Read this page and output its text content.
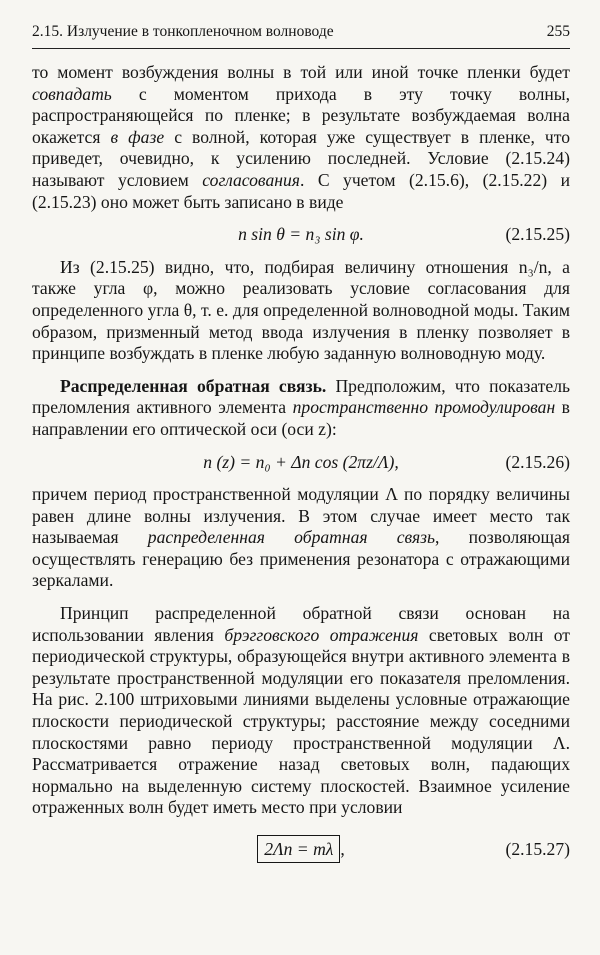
2.15. Излучение в тонкопленочном волноводе	255

то момент возбуждения волны в той или иной точке пленки будет совпадать с моментом прихода в эту точку волны, распространяющейся по пленке; в результате возбуждаемая волна окажется в фазе с волной, которая уже существует в пленке, что приведет, очевидно, к усилению последней. Условие (2.15.24) называют условием согласования. С учетом (2.15.6), (2.15.22) и (2.15.23) оно может быть записано в виде

n sin θ = n₃ sin φ.	(2.15.25)

Из (2.15.25) видно, что, подбирая величину отношения n₃/n, а также угла φ, можно реализовать условие согласования для определенного угла θ, т. е. для определенной волноводной моды. Таким образом, призменный метод ввода излучения в пленку позволяет в принципе возбуждать в пленке любую заданную волноводную моду.

Распределенная обратная связь. Предположим, что показатель преломления активного элемента пространственно промодулирован в направлении его оптической оси (оси z):

n (z) = n₀ + Δn cos (2πz/Λ),	(2.15.26)

причем период пространственной модуляции Λ по порядку величины равен длине волны излучения. В этом случае имеет место так называемая распределенная обратная связь, позволяющая осуществлять генерацию без применения резонатора с отражающими зеркалами.

Принцип распределенной обратной связи основан на использовании явления брэгговского отражения световых волн от периодической структуры, образующейся внутри активного элемента в результате пространственной модуляции его показателя преломления. На рис. 2.100 штриховыми линиями выделены условные отражающие плоскости периодической структуры; расстояние между соседними плоскостями равно периоду пространственной модуляции Λ. Рассматривается отражение назад световых волн, падающих нормально на выделенную систему плоскостей. Взаимное усиление отраженных волн будет иметь место при условии

2Λn = mλ ,	(2.15.27)
